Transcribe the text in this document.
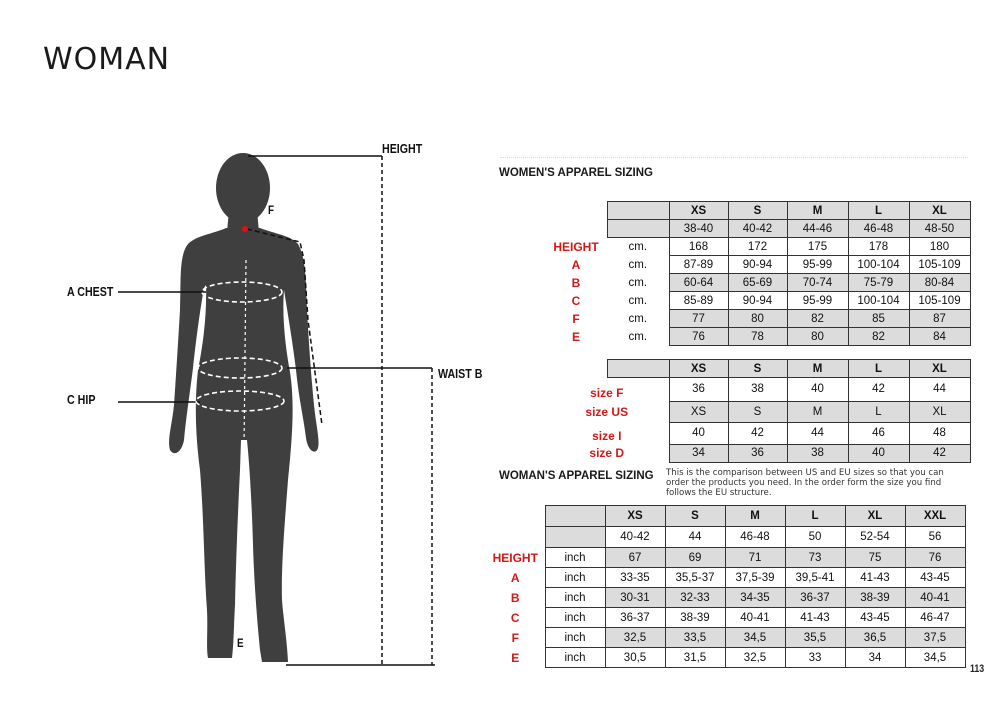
WOMAN
HEIGHT
F
A CHEST
WAIST B
C HIP
E
WOMEN'S APPAREL SIZING
		XS	S	M	L	XL
		38-40	40-42	44-46	46-48	48-50
HEIGHT	cm.	168	172	175	178	180
A	cm.	87-89	90-94	95-99	100-104	105-109
B	cm.	60-64	65-69	70-74	75-79	80-84
C	cm.	85-89	90-94	95-99	100-104	105-109
F	cm.	77	80	82	85	87
E	cm.	76	78	80	82	84
		XS	S	M	L	XL
size F		36	38	40	42	44
size US		XS	S	M	L	XL
size I		40	42	44	46	48
size D		34	36	38	40	42
WOMAN'S APPAREL SIZING This is the comparison between US and EU sizes so that you can order the products you need. In the order form the size you find follows the EU structure.
		XS	S	M	L	XL	XXL
		40-42	44	46-48	50	52-54	56
HEIGHT	inch	67	69	71	73	75	76
A	inch	33-35	35,5-37	37,5-39	39,5-41	41-43	43-45
B	inch	30-31	32-33	34-35	36-37	38-39	40-41
C	inch	36-37	38-39	40-41	41-43	43-45	46-47
F	inch	32,5	33,5	34,5	35,5	36,5	37,5
E	inch	30,5	31,5	32,5	33	34	34,5
113
